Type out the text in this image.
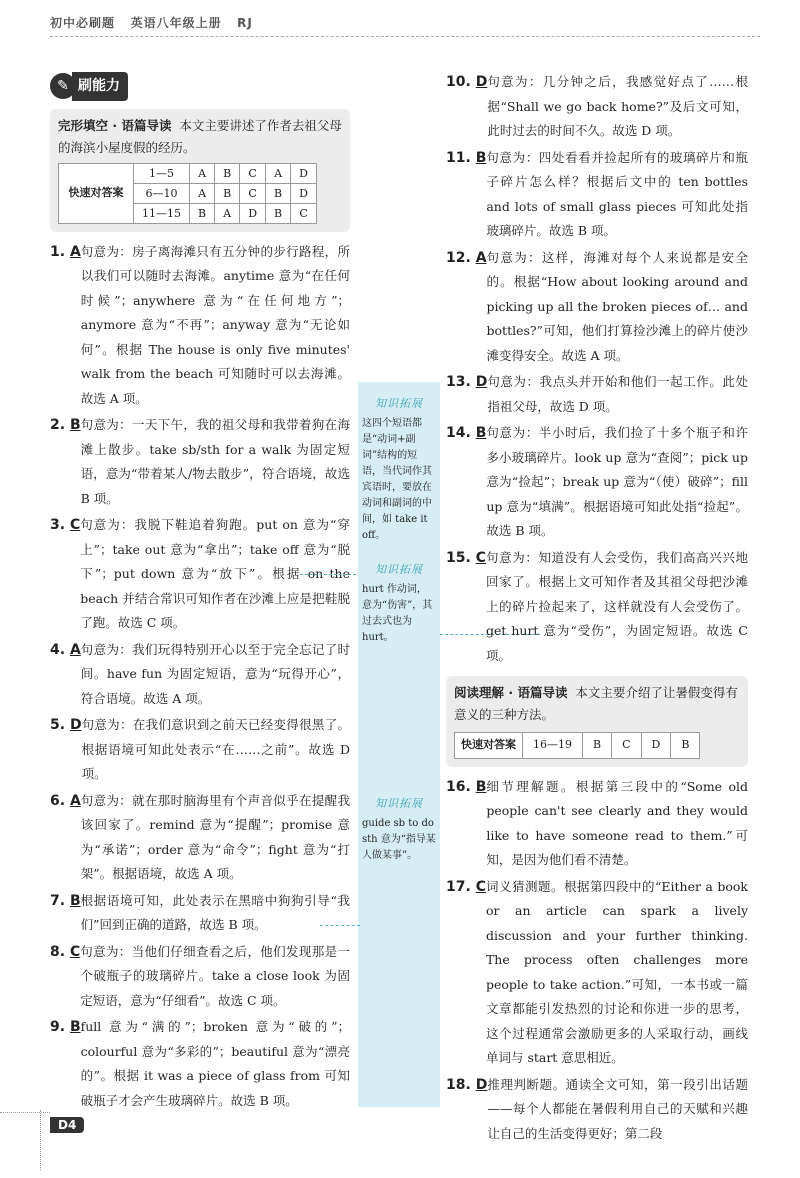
初中必刷题 英语八年级上册 RJ
✎ 刷能力
完形填空 · 语篇导读 本文主要讲述了作者去祖父母的海滨小屋度假的经历。
快速对答案	1—5	A	B	C	A	D
	6—10	A	B	C	B	D
	11—15	B	A	D	B	C
1. A 句意为：房子离海滩只有五分钟的步行路程，所以我们可以随时去海滩。anytime 意为“在任何时候”；anywhere 意为“在任何地方”；anymore 意为“不再”；anyway 意为“无论如何”。根据 The house is only five minutes' walk from the beach 可知随时可以去海滩。故选 A 项。
2. B 句意为：一天下午，我的祖父母和我带着狗在海滩上散步。take sb/sth for a walk 为固定短语，意为“带着某人/物去散步”，符合语境，故选 B 项。
3. C 句意为：我脱下鞋追着狗跑。put on 意为“穿上”；take out 意为“拿出”；take off 意为“脱下”；put down 意为“放下”。根据 on the beach 并结合常识可知作者在沙滩上应是把鞋脱了跑。故选 C 项。
4. A 句意为：我们玩得特别开心以至于完全忘记了时间。have fun 为固定短语，意为“玩得开心”，符合语境。故选 A 项。
5. D 句意为：在我们意识到之前天已经变得很黑了。根据语境可知此处表示“在……之前”。故选 D 项。
6. A 句意为：就在那时脑海里有个声音似乎在提醒我该回家了。remind 意为“提醒”；promise 意为“承诺”；order 意为“命令”；fight 意为“打架”。根据语境，故选 A 项。
7. B 根据语境可知，此处表示在黑暗中狗狗引导“我们”回到正确的道路，故选 B 项。
8. C 句意为：当他们仔细查看之后，他们发现那是一个破瓶子的玻璃碎片。take a close look 为固定短语，意为“仔细看”。故选 C 项。
9. B full 意为“满的”；broken 意为“破的”；colourful 意为“多彩的”；beautiful 意为“漂亮的”。根据 it was a piece of glass from 可知破瓶子才会产生玻璃碎片。故选 B 项。
知识拓展
这四个短语都是“动词+副词”结构的短语，当代词作其宾语时，要放在动词和副词的中间，如 take it off。
知识拓展
hurt 作动词，意为“伤害”，其过去式也为 hurt。
知识拓展
guide sb to do sth 意为“指导某人做某事”。
10. D 句意为：几分钟之后，我感觉好点了……根据“Shall we go back home?”及后文可知，此时过去的时间不久。故选 D 项。
11. B 句意为：四处看看并捡起所有的玻璃碎片和瓶子碎片怎么样？根据后文中的 ten bottles and lots of small glass pieces 可知此处指玻璃碎片。故选 B 项。
12. A 句意为：这样，海滩对每个人来说都是安全的。根据“How about looking around and picking up all the broken pieces of… and bottles?”可知，他们打算捡沙滩上的碎片使沙滩变得安全。故选 A 项。
13. D 句意为：我点头并开始和他们一起工作。此处指祖父母，故选 D 项。
14. B 句意为：半小时后，我们捡了十多个瓶子和许多小玻璃碎片。look up 意为“查阅”；pick up 意为“捡起”；break up 意为“（使）破碎”；fill up 意为“填满”。根据语境可知此处指“捡起”。故选 B 项。
15. C 句意为：知道没有人会受伤，我们高高兴兴地回家了。根据上文可知作者及其祖父母把沙滩上的碎片捡起来了，这样就没有人会受伤了。get hurt 意为“受伤”，为固定短语。故选 C 项。
阅读理解 · 语篇导读 本文主要介绍了让暑假变得有意义的三种方法。
快速对答案	16—19	B	C	D	B
16. B 细节理解题。根据第三段中的“Some old people can't see clearly and they would like to have someone read to them.”可知，是因为他们看不清楚。
17. C 词义猜测题。根据第四段中的“Either a book or an article can spark a lively discussion and your further thinking. The process often challenges more people to take action.”可知，一本书或一篇文章都能引发热烈的讨论和你进一步的思考，这个过程通常会激励更多的人采取行动，画线单词与 start 意思相近。
18. D 推理判断题。通读全文可知，第一段引出话题——每个人都能在暑假利用自己的天赋和兴趣让自己的生活变得更好；第二段
D4
